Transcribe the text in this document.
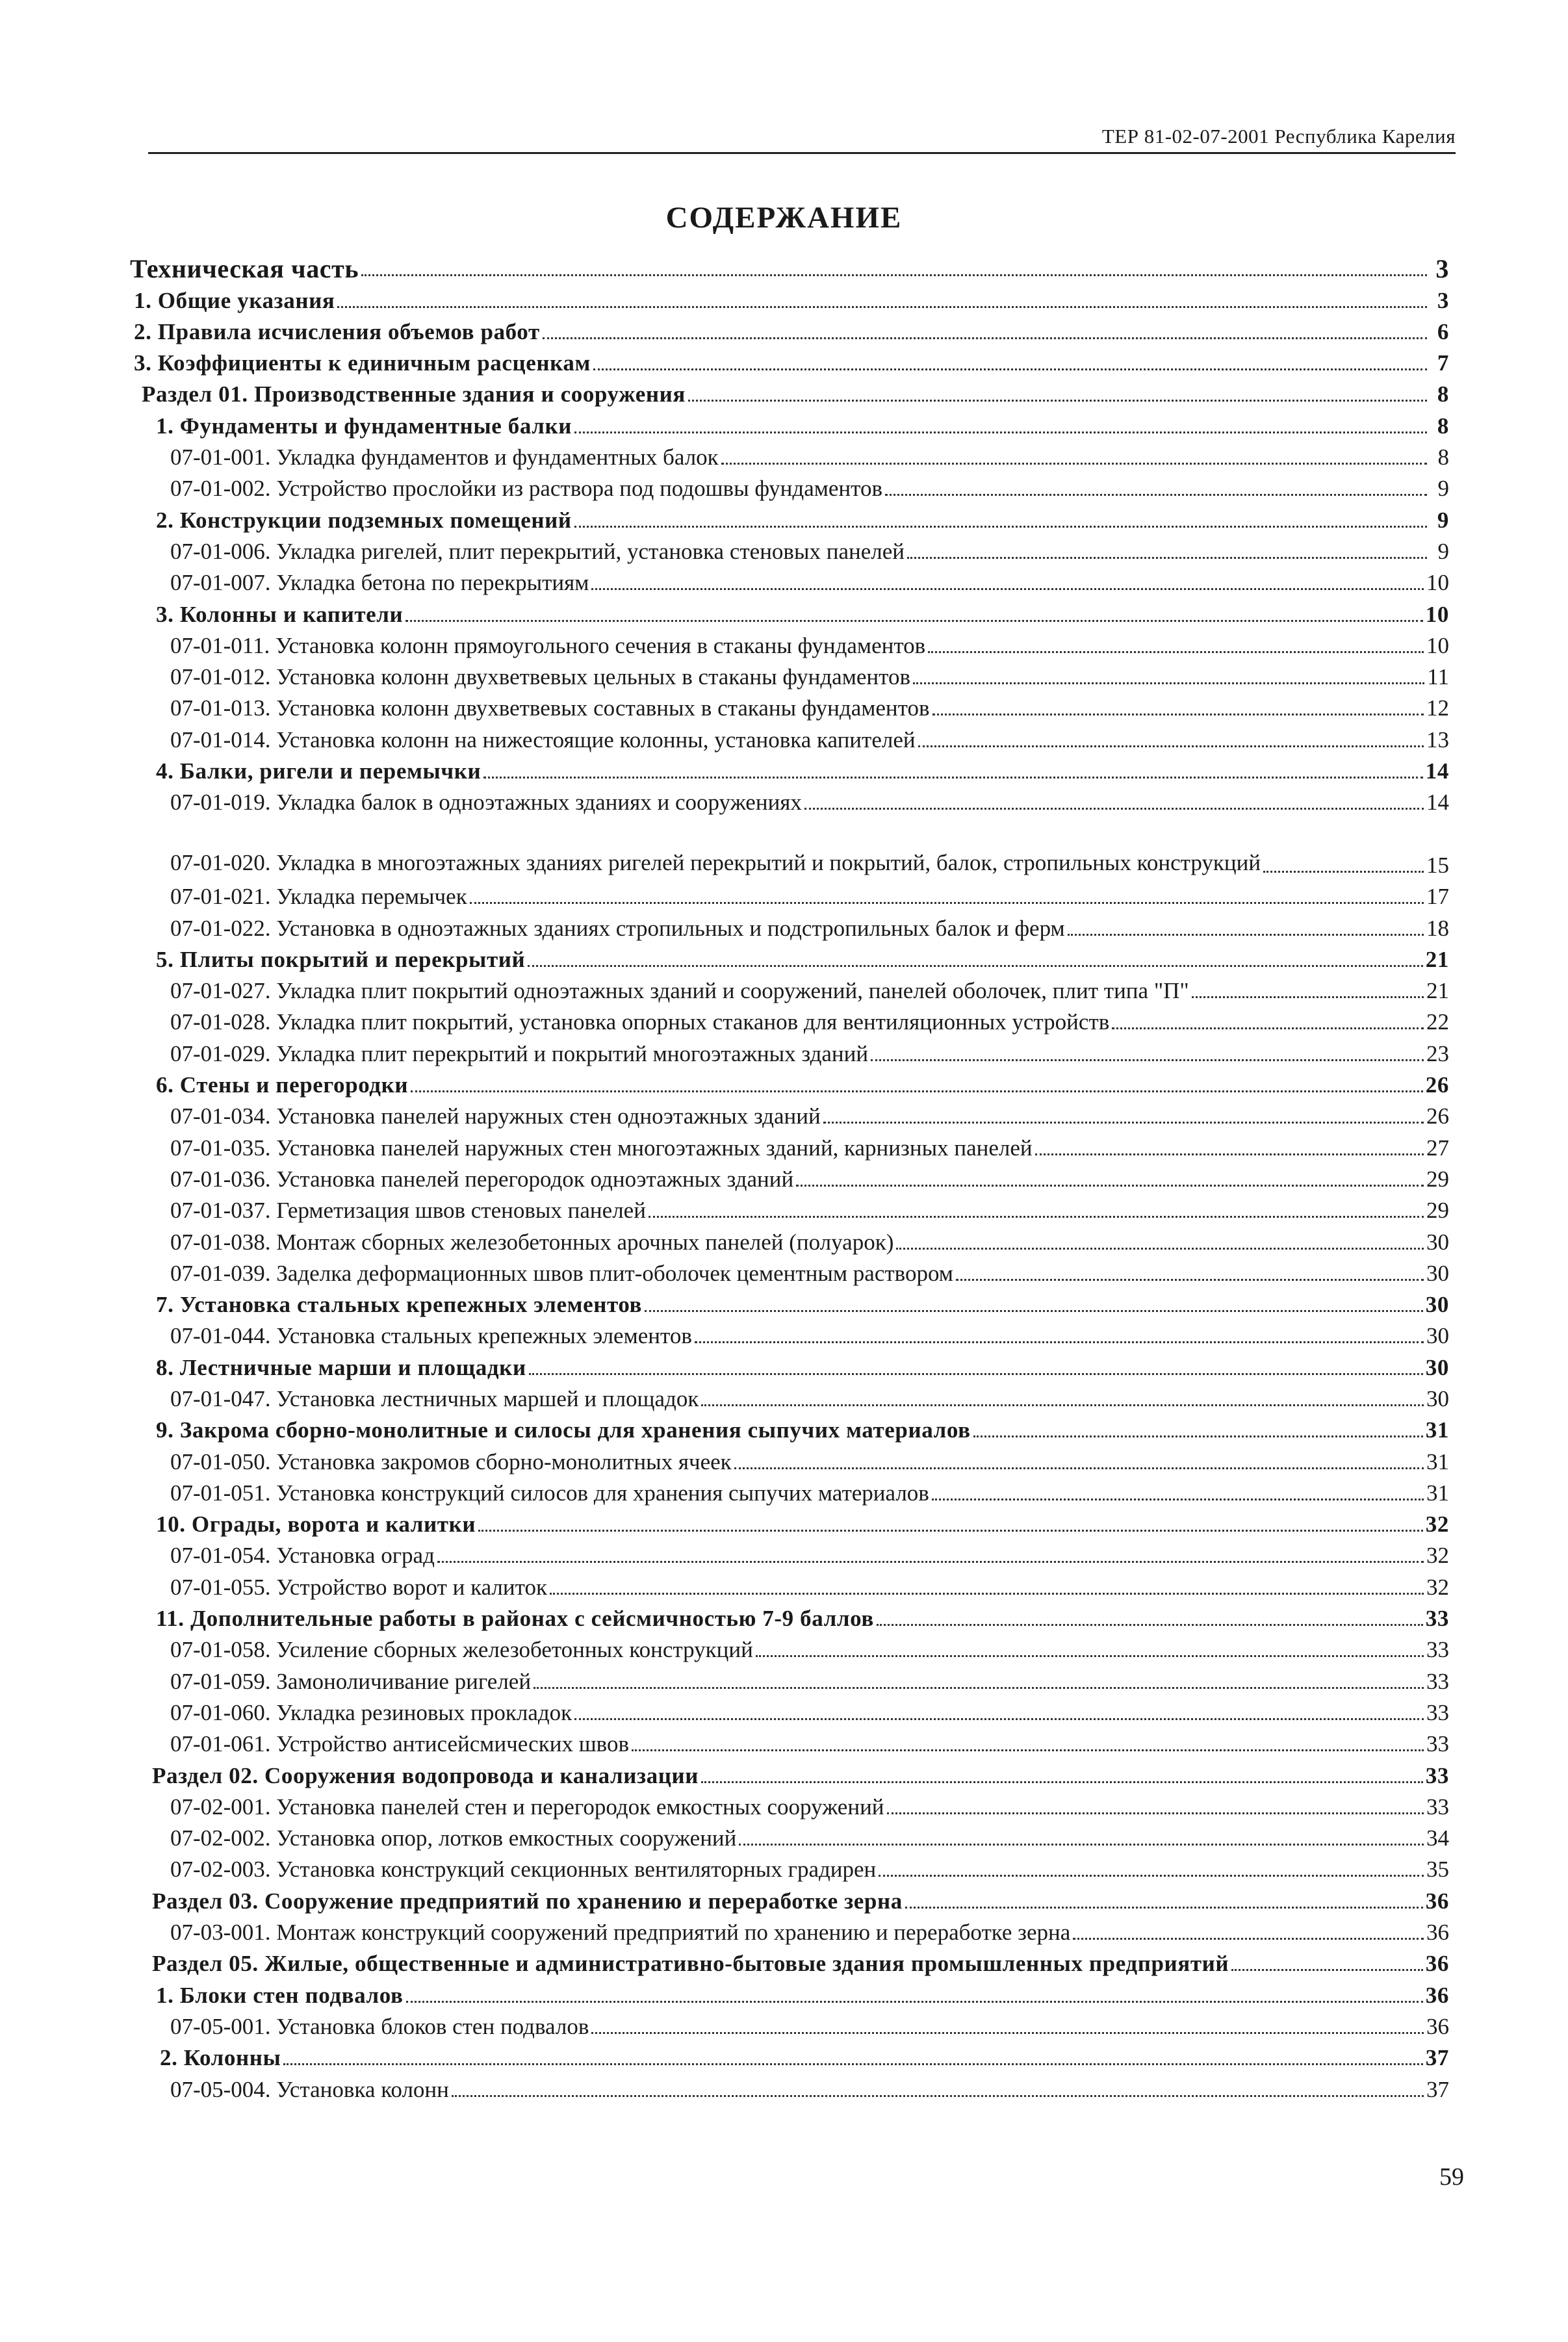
ТЕР 81-02-07-2001 Республика Карелия
СОДЕРЖАНИЕ
Техническая часть	3
1. Общие указания	3
2. Правила исчисления объемов работ	6
3. Коэффициенты к единичным расценкам	7
Раздел 01. Производственные здания и сооружения	8
1. Фундаменты и фундаментные балки	8
07-01-001. Укладка фундаментов и фундаментных балок	8
07-01-002. Устройство прослойки из раствора под подошвы фундаментов	9
2. Конструкции подземных помещений	9
07-01-006. Укладка ригелей, плит перекрытий, установка стеновых панелей	9
07-01-007. Укладка бетона по перекрытиям	10
3. Колонны и капители	10
07-01-011. Установка колонн прямоугольного сечения в стаканы фундаментов	10
07-01-012. Установка колонн двухветвевых цельных в стаканы фундаментов	11
07-01-013. Установка колонн двухветвевых составных в стаканы фундаментов	12
07-01-014. Установка колонн на нижестоящие колонны, установка капителей	13
4. Балки, ригели и перемычки	14
07-01-019. Укладка балок в одноэтажных зданиях и сооружениях	14
07-01-020. Укладка в многоэтажных зданиях ригелей перекрытий и покрытий, балок, стропильных конструкций	15
07-01-021. Укладка перемычек	17
07-01-022. Установка в одноэтажных зданиях стропильных и подстропильных балок и ферм	18
5. Плиты покрытий и перекрытий	21
07-01-027. Укладка плит покрытий одноэтажных зданий и сооружений, панелей оболочек, плит типа "П"	21
07-01-028. Укладка плит покрытий, установка опорных стаканов для вентиляционных устройств	22
07-01-029. Укладка плит перекрытий и покрытий многоэтажных зданий	23
6. Стены и перегородки	26
07-01-034. Установка панелей наружных стен одноэтажных зданий	26
07-01-035. Установка панелей наружных стен многоэтажных зданий, карнизных панелей	27
07-01-036. Установка панелей перегородок одноэтажных зданий	29
07-01-037. Герметизация швов стеновых панелей	29
07-01-038. Монтаж сборных железобетонных арочных панелей (полуарок)	30
07-01-039. Заделка деформационных швов плит-оболочек цементным раствором	30
7. Установка стальных крепежных элементов	30
07-01-044. Установка стальных крепежных элементов	30
8. Лестничные марши и площадки	30
07-01-047. Установка лестничных маршей и площадок	30
9. Закрома сборно-монолитные и силосы для хранения сыпучих материалов	31
07-01-050. Установка закромов сборно-монолитных ячеек	31
07-01-051. Установка конструкций силосов для хранения сыпучих материалов	31
10. Ограды, ворота и калитки	32
07-01-054. Установка оград	32
07-01-055. Устройство ворот и калиток	32
11. Дополнительные работы в районах с сейсмичностью 7-9 баллов	33
07-01-058. Усиление сборных железобетонных конструкций	33
07-01-059. Замоноличивание ригелей	33
07-01-060. Укладка резиновых прокладок	33
07-01-061. Устройство антисейсмических швов	33
Раздел 02. Сооружения водопровода и канализации	33
07-02-001. Установка панелей стен и перегородок емкостных сооружений	33
07-02-002. Установка опор, лотков емкостных сооружений	34
07-02-003. Установка конструкций секционных вентиляторных градирен	35
Раздел 03. Сооружение предприятий по хранению и переработке зерна	36
07-03-001. Монтаж конструкций сооружений предприятий по хранению и переработке зерна	36
Раздел 05. Жилые, общественные и административно-бытовые здания промышленных предприятий	36
1. Блоки стен подвалов	36
07-05-001. Установка блоков стен подвалов	36
2. Колонны	37
07-05-004. Установка колонн	37
59
